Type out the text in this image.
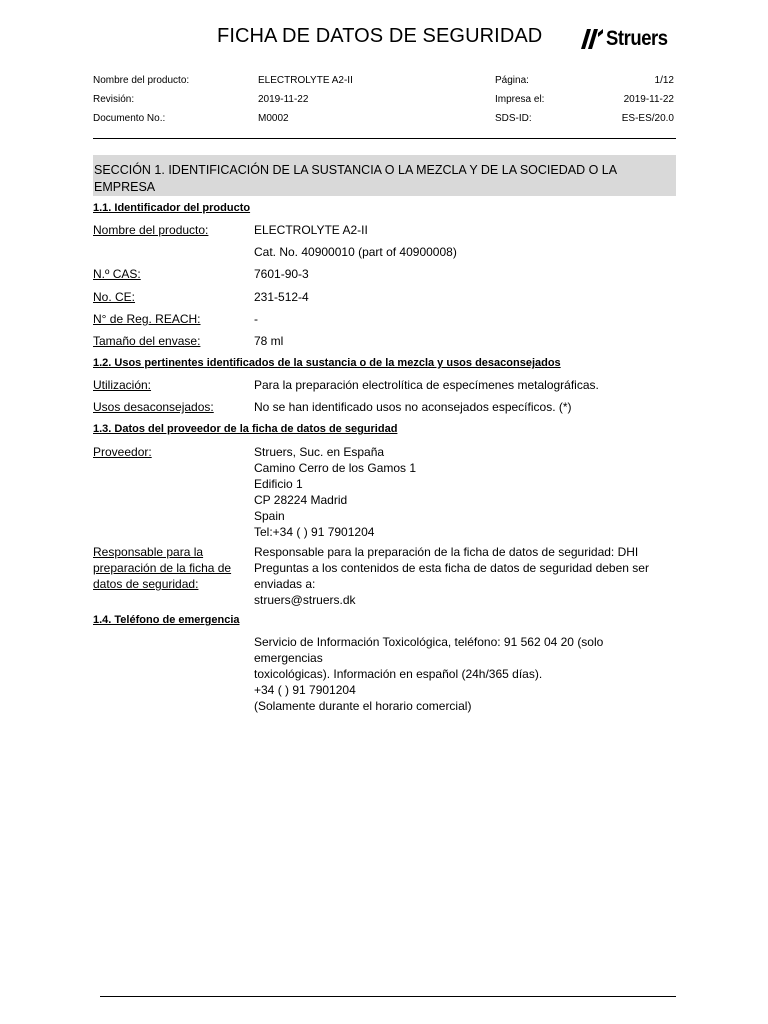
FICHA DE DATOS DE SEGURIDAD	Struers
Nombre del producto:	ELECTROLYTE A2-II	Página:	1/12
Revisión:	2019-11-22	Impresa el:	2019-11-22
Documento No.:	M0002	SDS-ID:	ES-ES/20.0
SECCIÓN 1. IDENTIFICACIÓN DE LA SUSTANCIA O LA MEZCLA Y DE LA SOCIEDAD O LA EMPRESA
1.1. Identificador del producto
Nombre del producto:	ELECTROLYTE A2-II
Cat. No. 40900010 (part of 40900008)
N.º CAS:	7601-90-3
No. CE:	231-512-4
N° de Reg. REACH:	-
Tamaño del envase:	78 ml
1.2. Usos pertinentes identificados de la sustancia o de la mezcla y usos desaconsejados
Utilización:	Para la preparación electrolítica de especímenes metalográficas.
Usos desaconsejados:	No se han identificado usos no aconsejados específicos. (*)
1.3. Datos del proveedor de la ficha de datos de seguridad
Proveedor:	Struers, Suc. en España
Camino Cerro de los Gamos 1
Edificio 1
CP 28224 Madrid
Spain
Tel:+34 ( ) 91 7901204
Responsable para la
preparación de la ficha de
datos de seguridad:
Responsable para la preparación de la ficha de datos de seguridad: DHI
Preguntas a los contenidos de esta ficha de datos de seguridad deben ser
enviadas a:
struers@struers.dk
1.4. Teléfono de emergencia
Servicio de Información Toxicológica, teléfono: 91 562 04 20 (solo emergencias
toxicológicas). Información en español (24h/365 días).
+34 ( ) 91 7901204
(Solamente durante el horario comercial)
